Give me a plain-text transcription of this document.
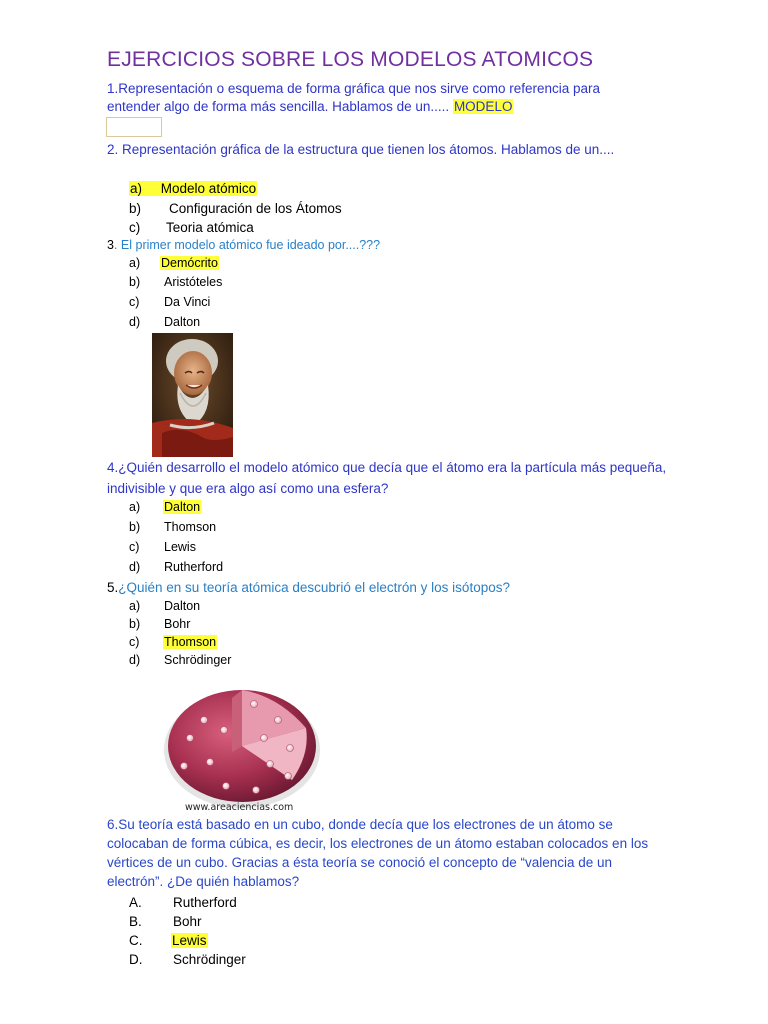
EJERCICIOS SOBRE LOS MODELOS ATOMICOS
1.Representación o esquema de forma gráfica que nos sirve como referencia para
entender algo de forma más sencilla. Hablamos de un..... MODELO
2. Representación gráfica de la estructura que tienen los átomos. Hablamos de un....
a) Modelo atómico
b) Configuración de los Átomos
c) Teoria atómica
3. El primer modelo atómico fue ideado por....???
a) Demócrito
b) Aristóteles
c) Da Vinci
d) Dalton
4.¿Quién desarrollo el modelo atómico que decía que el átomo era la partícula más pequeña,
indivisible y que era algo así como una esfera?
a) Dalton
b) Thomson
c) Lewis
d) Rutherford
5.¿Quién en su teoría atómica descubrió el electrón y los isótopos?
a) Dalton
b) Bohr
c) Thomson
d) Schrödinger
www.areaciencias.com
6.Su teoría está basado en un cubo, donde decía que los electrones de un átomo se
colocaban de forma cúbica, es decir, los electrones de un átomo estaban colocados en los
vértices de un cubo. Gracias a ésta teoría se conoció el concepto de “valencia de un
electrón”. ¿De quién hablamos?
A. Rutherford
B. Bohr
C. Lewis
D. Schrödinger
